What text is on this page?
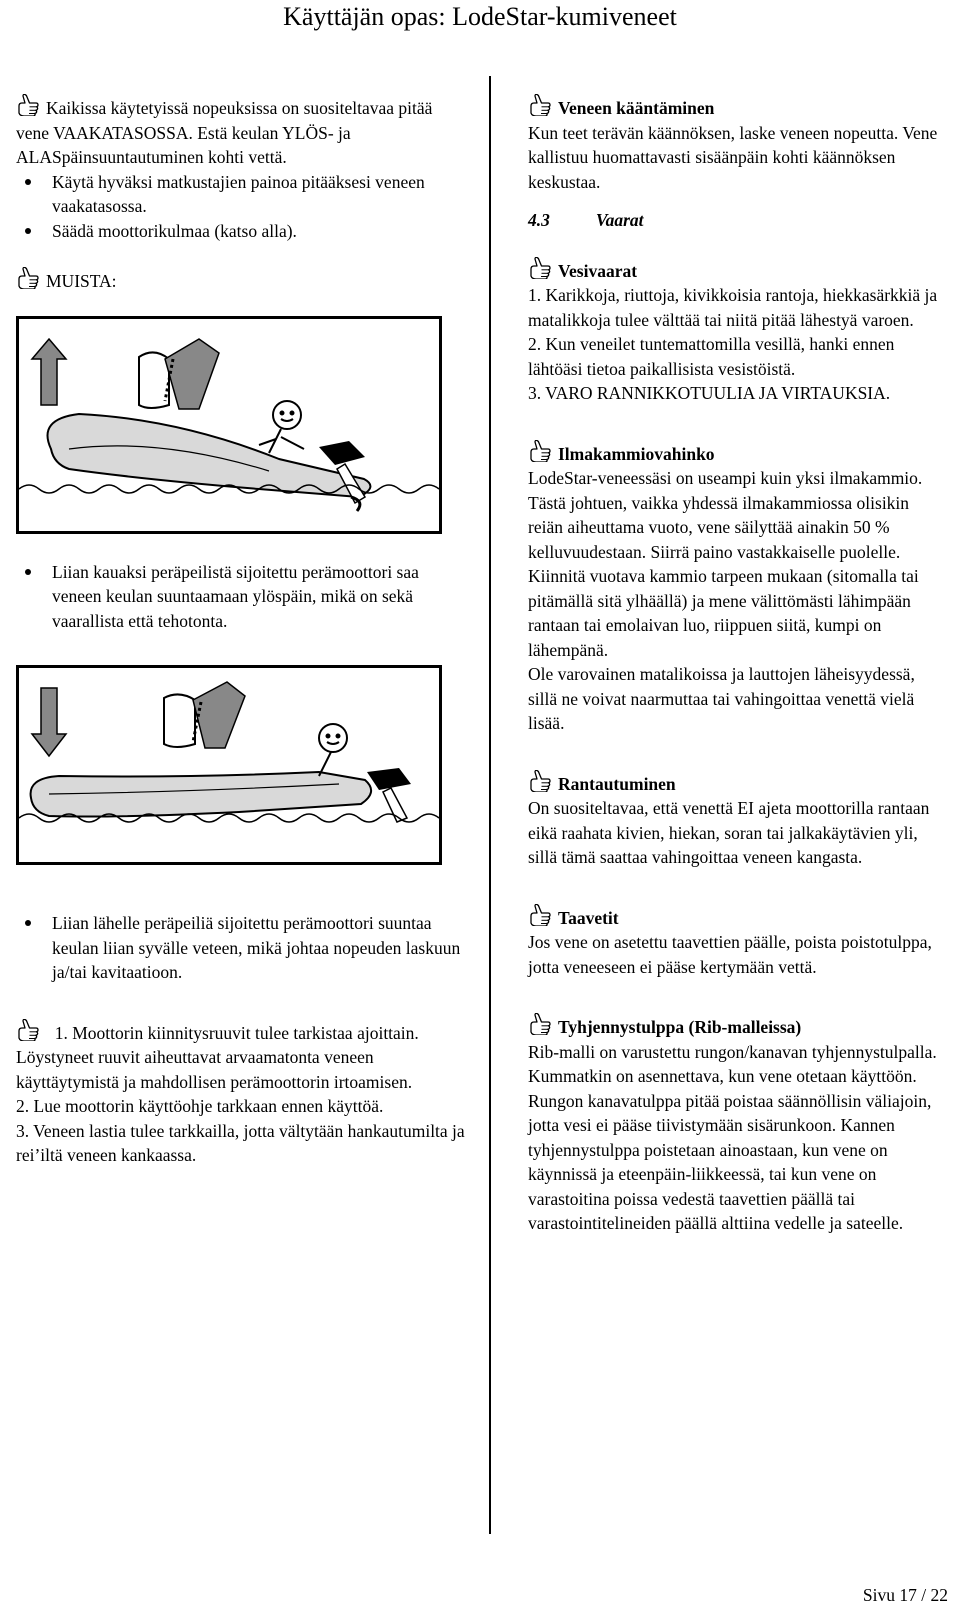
Käyttäjän opas: LodeStar-kumiveneet

Kaikissa käytetyissä nopeuksissa on suositeltavaa pitää vene VAAKATASOSSA. Estä keulan YLÖS- ja ALASpäinsuuntautuminen kohti vettä.

Käytä hyväksi matkustajien painoa pitääksesi veneen vaakatasossa.

Säädä moottorikulmaa (katso alla).

MUISTA:

Liian kauaksi peräpeilistä sijoitettu perämoottori saa veneen keulan suuntaamaan ylöspäin, mikä on sekä vaarallista että tehotonta.

Liian lähelle peräpeiliä sijoitettu perämoottori suuntaa keulan liian syvälle veteen, mikä johtaa nopeuden laskuun ja/tai kavitaatioon.

1. Moottorin kiinnitysruuvit tulee tarkistaa ajoittain. Löystyneet ruuvit aiheuttavat arvaamatonta veneen käyttäytymistä ja mahdollisen perämoottorin irtoamisen.

2. Lue moottorin käyttöohje tarkkaan ennen käyttöä.

3. Veneen lastia tulee tarkkailla, jotta vältytään hankautumilta ja rei’iltä veneen kankaassa.

Veneen kääntäminen

Kun teet terävän käännöksen, laske veneen nopeutta. Vene kallistuu huomattavasti sisäänpäin kohti käännöksen keskustaa.

4.3	Vaarat

Vesivaarat

1. Karikkoja, riuttoja, kivikkoisia rantoja, hiekkasärkkiä ja matalikkoja tulee välttää tai niitä pitää lähestyä varoen.

2. Kun veneilet tuntemattomilla vesillä, hanki ennen lähtöäsi tietoa paikallisista vesistöistä.

3. VARO RANNIKKOTUULIA JA VIRTAUKSIA.

Ilmakammiovahinko

LodeStar-veneessäsi on useampi kuin yksi ilmakammio. Tästä johtuen, vaikka yhdessä ilmakammiossa olisikin reiän aiheuttama vuoto, vene säilyttää ainakin 50 % kelluvuudestaan. Siirrä paino vastakkaiselle puolelle. Kiinnitä vuotava kammio tarpeen mukaan (sitomalla tai pitämällä sitä ylhäällä) ja mene välittömästi lähimpään rantaan tai emolaivan luo, riippuen siitä, kumpi on lähempänä.

Ole varovainen matalikoissa ja lauttojen läheisyydessä, sillä ne voivat naarmuttaa tai vahingoittaa venettä vielä lisää.

Rantautuminen

On suositeltavaa, että venettä EI ajeta moottorilla rantaan eikä raahata kivien, hiekan, soran tai jalkakäytävien yli, sillä tämä saattaa vahingoittaa veneen kangasta.

Taavetit

Jos vene on asetettu taavettien päälle, poista poistotulppa, jotta veneeseen ei pääse kertymään vettä.

Tyhjennystulppa (Rib-malleissa)

Rib-malli on varustettu rungon/kanavan tyhjennystulpalla. Kummatkin on asennettava, kun vene otetaan käyttöön. Rungon kanavatulppa pitää poistaa säännöllisin väliajoin, jotta vesi ei pääse tiivistymään sisärunkoon. Kannen tyhjennystulppa poistetaan ainoastaan, kun vene on käynnissä ja eteenpäin-liikkeessä, tai kun vene on varastoitina poissa vedestä taavettien päällä tai varastointitelineiden päällä alttiina vedelle ja sateelle.

Sivu 17 / 22
